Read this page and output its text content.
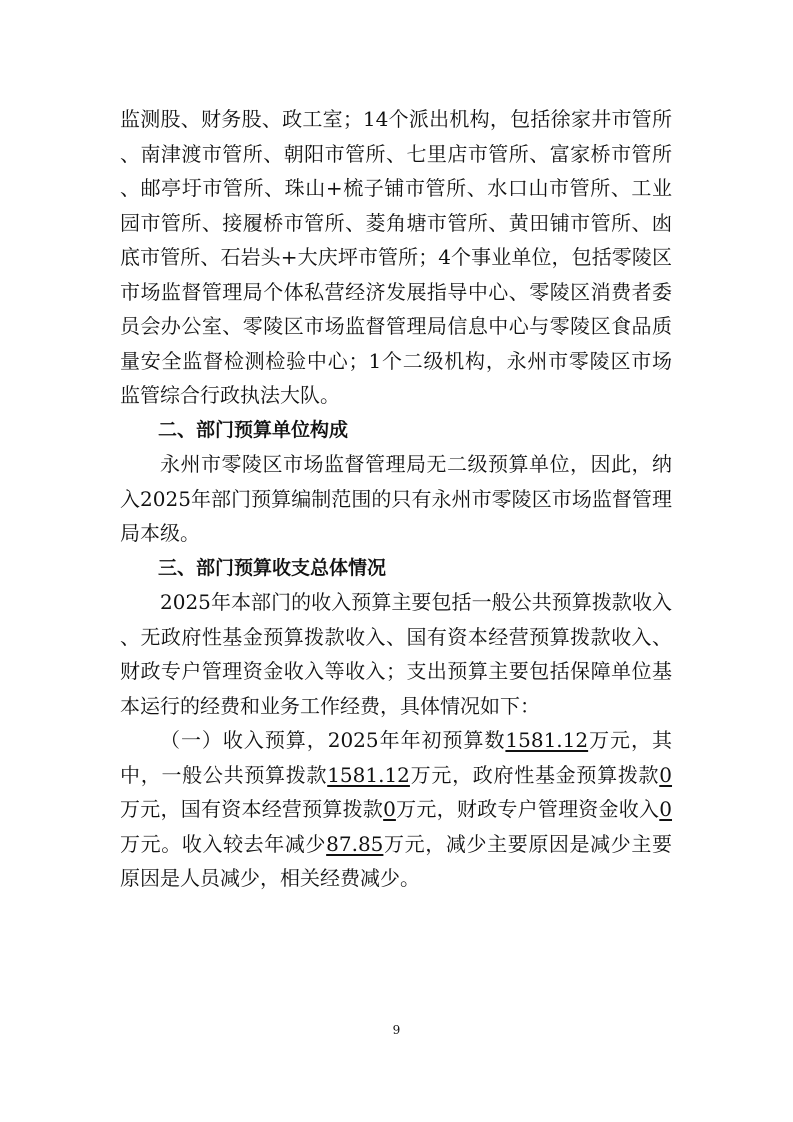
监测股、财务股、政工室；14个派出机构，包括徐家井市管所、南津渡市管所、朝阳市管所、七里店市管所、富家桥市管所、邮亭圩市管所、珠山+梳子铺市管所、水口山市管所、工业园市管所、接履桥市管所、菱角塘市管所、黄田铺市管所、凼底市管所、石岩头+大庆坪市管所；4个事业单位，包括零陵区市场监督管理局个体私营经济发展指导中心、零陵区消费者委员会办公室、零陵区市场监督管理局信息中心与零陵区食品质量安全监督检测检验中心；1个二级机构，永州市零陵区市场监管综合行政执法大队。

二、部门预算单位构成

永州市零陵区市场监督管理局无二级预算单位，因此，纳入2025年部门预算编制范围的只有永州市零陵区市场监督管理局本级。

三、部门预算收支总体情况

2025年本部门的收入预算主要包括一般公共预算拨款收入、无政府性基金预算拨款收入、国有资本经营预算拨款收入、财政专户管理资金收入等收入；支出预算主要包括保障单位基本运行的经费和业务工作经费，具体情况如下：

（一）收入预算，2025年年初预算数1581.12万元，其中，一般公共预算拨款1581.12万元，政府性基金预算拨款0万元，国有资本经营预算拨款0万元，财政专户管理资金收入0万元。收入较去年减少87.85万元，减少主要原因是减少主要原因是人员减少，相关经费减少。

9
